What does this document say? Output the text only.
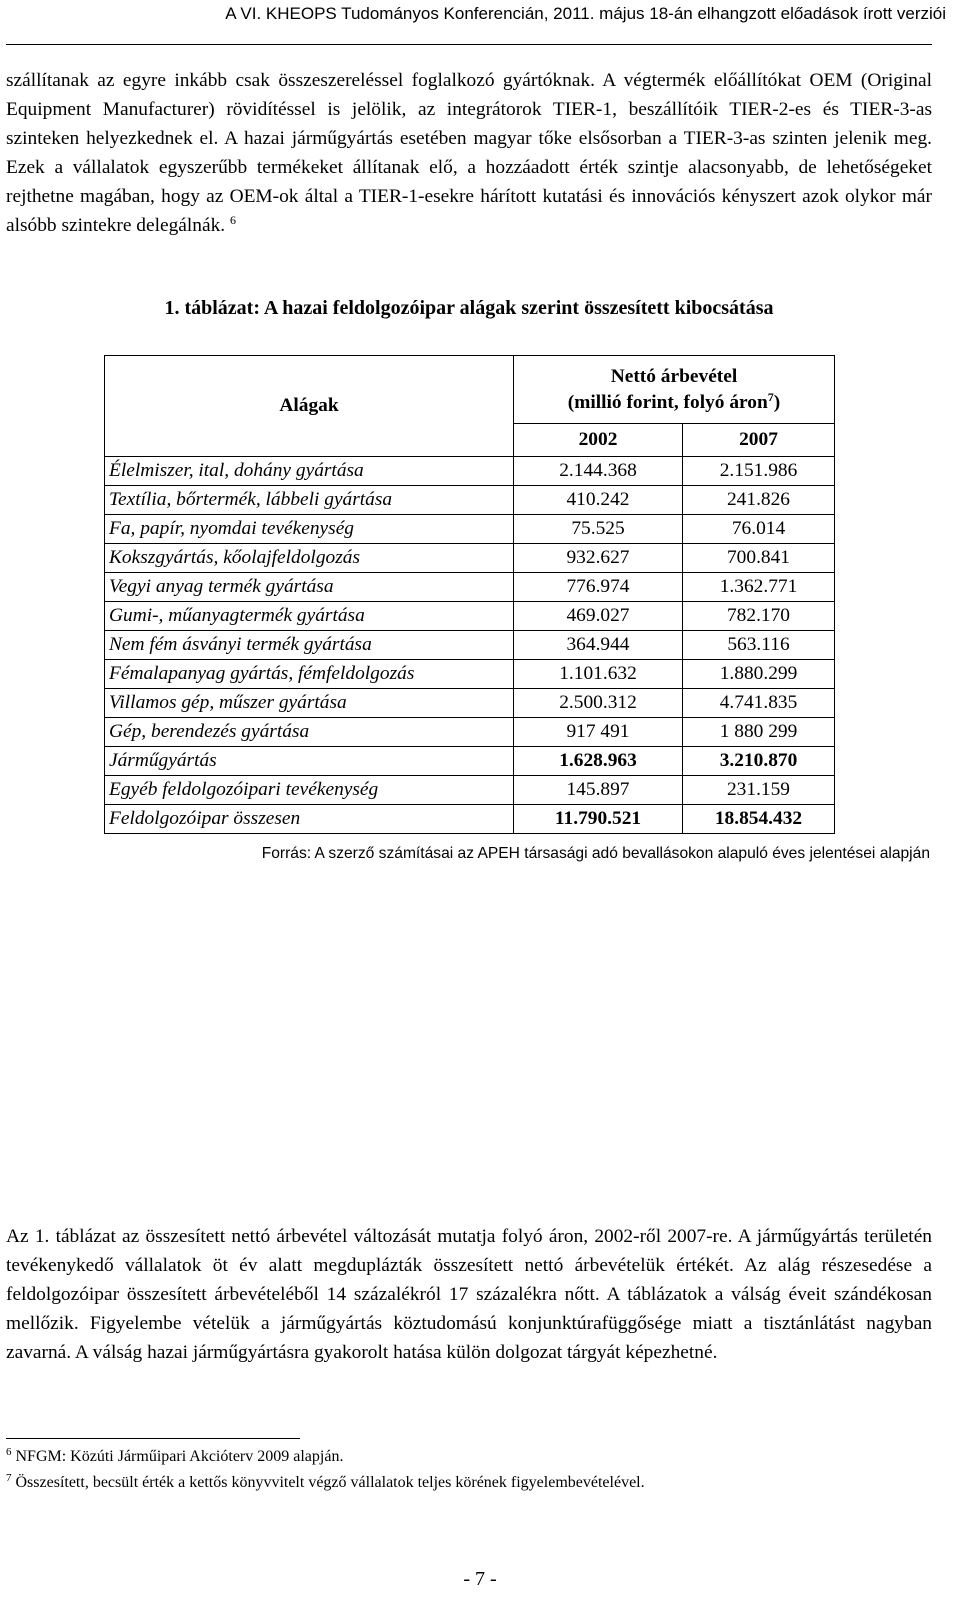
A VI. KHEOPS Tudományos Konferencián, 2011. május 18-án elhangzott előadások írott verziói

szállítanak az egyre inkább csak összeszereléssel foglalkozó gyártóknak. A végtermék előállítókat OEM (Original Equipment Manufacturer) rövidítéssel is jelölik, az integrátorok TIER-1, beszállítóik TIER-2-es és TIER-3-as szinteken helyezkednek el. A hazai járműgyártás esetében magyar tőke elsősorban a TIER-3-as szinten jelenik meg. Ezek a vállalatok egyszerűbb termékeket állítanak elő, a hozzáadott érték szintje alacsonyabb, de lehetőségeket rejthetne magában, hogy az OEM-ok által a TIER-1-esekre hárított kutatási és innovációs kényszert azok olykor már alsóbb szintekre delegálnák. $^6$

1. táblázat: A hazai feldolgozóipar alágak szerint összesített kibocsátása

Alágak	Nettó árbevétel
(millió forint, folyó áron$^7$)	
	2002	2007
Élelmiszer, ital, dohány gyártása	2.144.368	2.151.986
Textília, bőrtermék, lábbeli gyártása	410.242	241.826
Fa, papír, nyomdai tevékenység	75.525	76.014
Kokszgyártás, kőolajfeldolgozás	932.627	700.841
Vegyi anyag termék gyártása	776.974	1.362.771
Gumi-, műanyagtermék gyártása	469.027	782.170
Nem fém ásványi termék gyártása	364.944	563.116
Fémalapanyag gyártás, fémfeldolgozás	1.101.632	1.880.299
Villamos gép, műszer gyártása	2.500.312	4.741.835
Gép, berendezés gyártása	917 491	1 880 299
Járműgyártás	1.628.963	3.210.870
Egyéb feldolgozóipari tevékenység	145.897	231.159
Feldolgozóipar összesen	11.790.521	18.854.432

Forrás: A szerző számításai az APEH társasági adó bevallásokon alapuló éves jelentései alapján

Az 1. táblázat az összesített nettó árbevétel változását mutatja folyó áron, 2002-ről 2007-re. A járműgyártás területén tevékenykedő vállalatok öt év alatt megduplázták összesített nettó árbevételük értékét. Az alág részesedése a feldolgozóipar összesített árbevételéből 14 százalékról 17 százalékra nőtt. A táblázatok a válság éveit szándékosan mellőzik. Figyelembe vételük a járműgyártás köztudomású konjunktúrafüggősége miatt a tisztánlátást nagyban zavarná. A válság hazai járműgyártásra gyakorolt hatása külön dolgozat tárgyát képezhetné.

$^6$ NFGM: Közúti Járműipari Akcióterv 2009 alapján.

$^7$ Összesített, becsült érték a kettős könyvvitelt végző vállalatok teljes körének figyelembevételével.

- 7 -
